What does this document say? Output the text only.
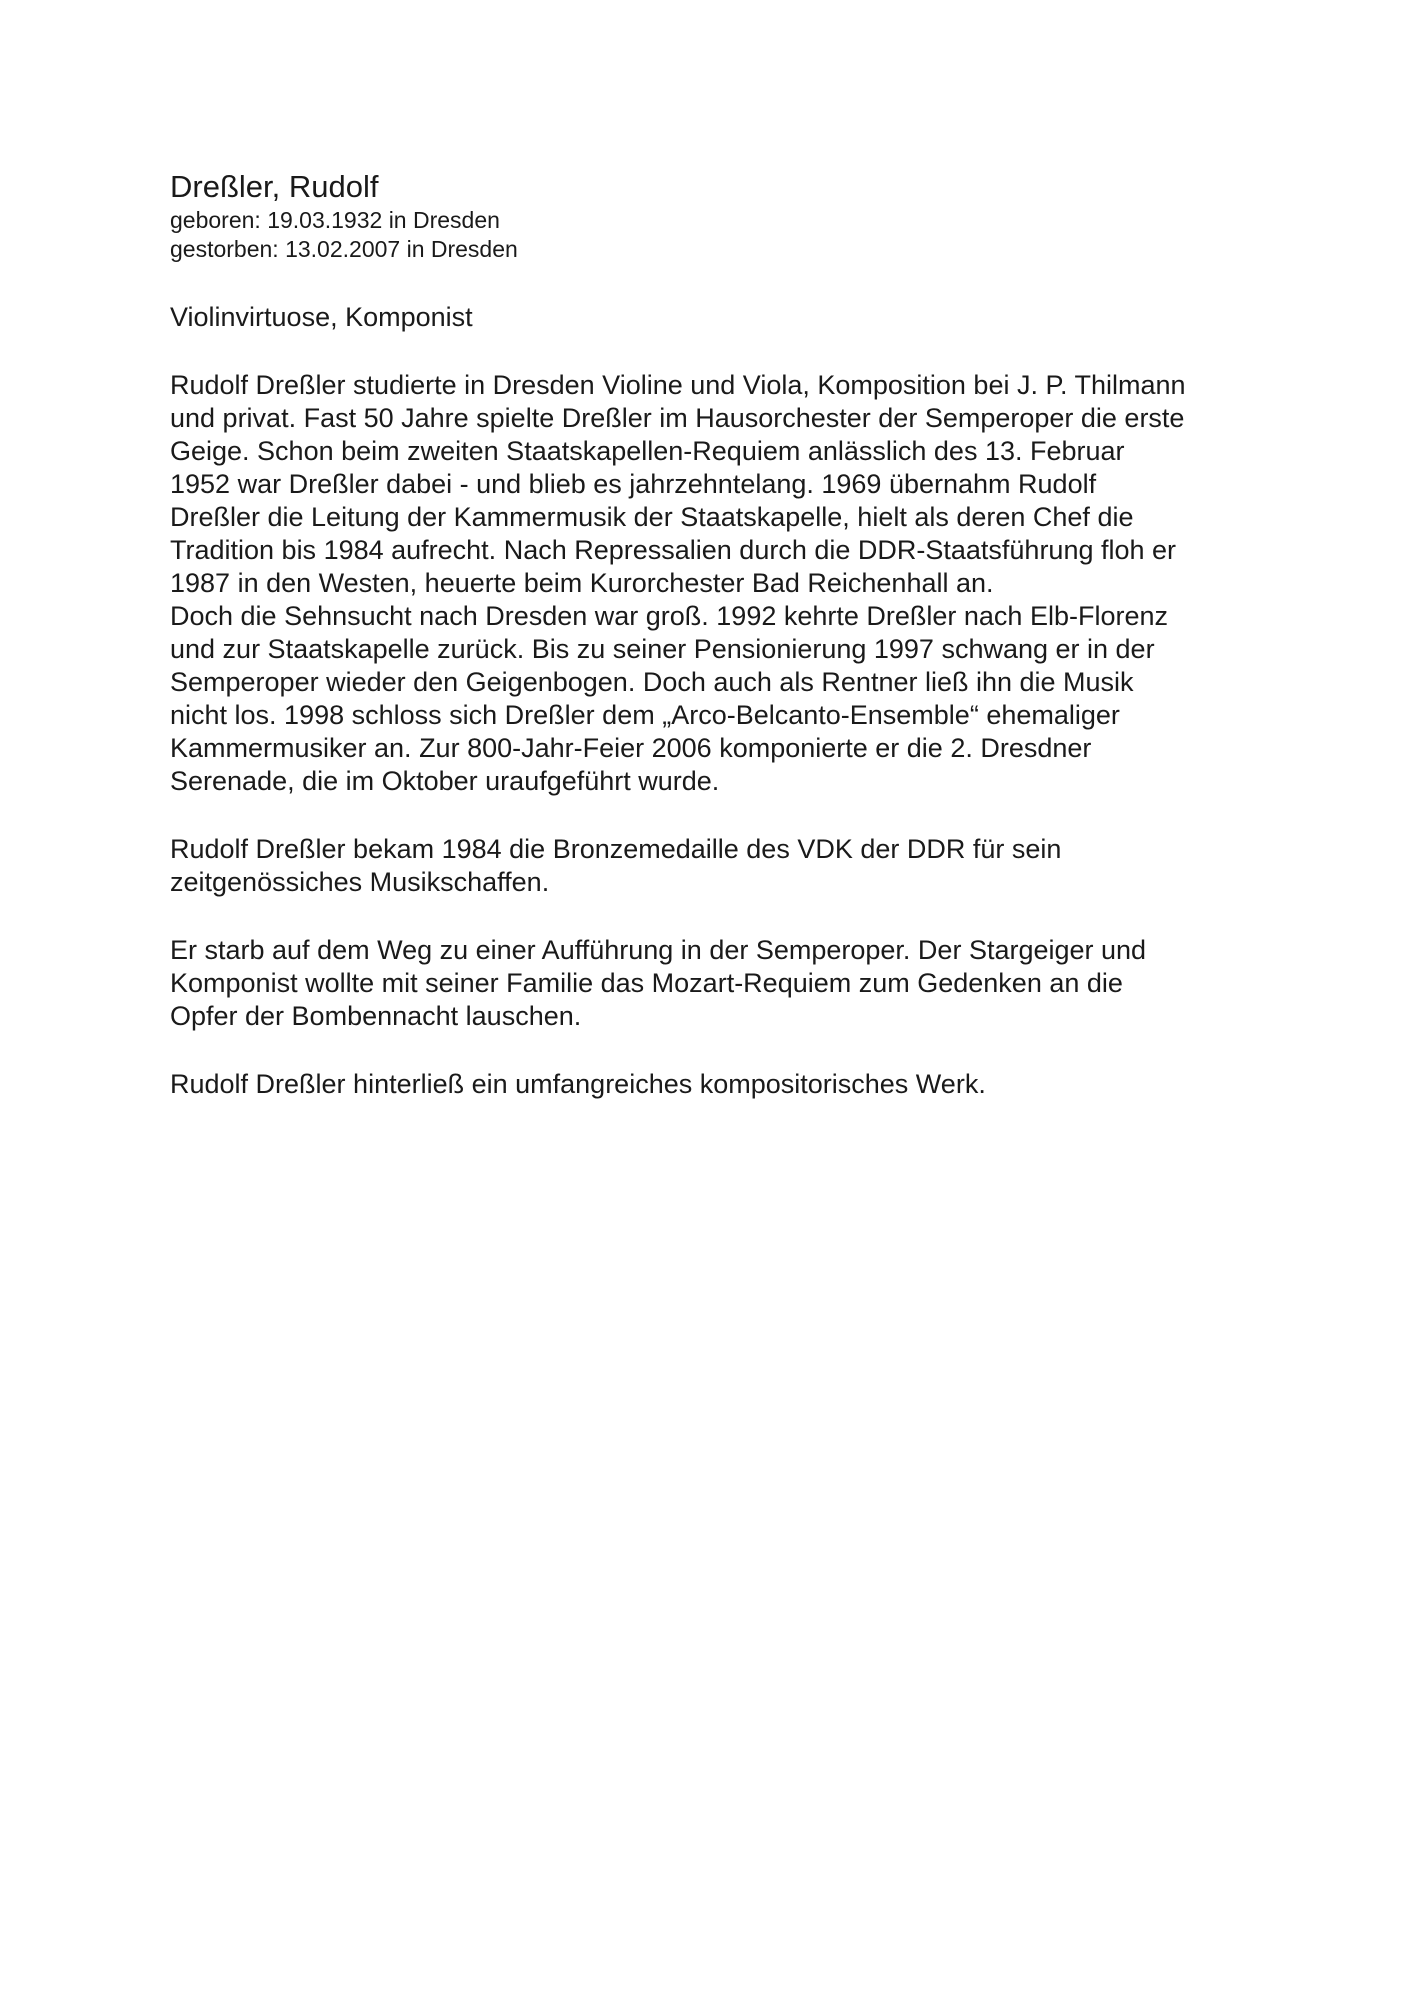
Dreßler, Rudolf

geboren: 19.03.1932 in Dresden

gestorben: 13.02.2007 in Dresden

Violinvirtuose, Komponist

Rudolf Dreßler studierte in Dresden Violine und Viola, Komposition bei J. P. Thilmann
und privat. Fast 50 Jahre spielte Dreßler im Hausorchester der Semperoper die erste
Geige. Schon beim zweiten Staatskapellen-Requiem anlässlich des 13. Februar
1952 war Dreßler dabei - und blieb es jahrzehntelang. 1969 übernahm Rudolf
Dreßler die Leitung der Kammermusik der Staatskapelle, hielt als deren Chef die
Tradition bis 1984 aufrecht. Nach Repressalien durch die DDR-Staatsführung floh er
1987 in den Westen, heuerte beim Kurorchester Bad Reichenhall an.
Doch die Sehnsucht nach Dresden war groß. 1992 kehrte Dreßler nach Elb-Florenz
und zur Staatskapelle zurück. Bis zu seiner Pensionierung 1997 schwang er in der
Semperoper wieder den Geigenbogen. Doch auch als Rentner ließ ihn die Musik
nicht los. 1998 schloss sich Dreßler dem „Arco-Belcanto-Ensemble“ ehemaliger
Kammermusiker an. Zur 800-Jahr-Feier 2006 komponierte er die 2. Dresdner
Serenade, die im Oktober uraufgeführt wurde.

Rudolf Dreßler bekam 1984 die Bronzemedaille des VDK der DDR für sein
zeitgenössiches Musikschaffen.

Er starb auf dem Weg zu einer Aufführung in der Semperoper. Der Stargeiger und
Komponist wollte mit seiner Familie das Mozart-Requiem zum Gedenken an die
Opfer der Bombennacht lauschen.

Rudolf Dreßler hinterließ ein umfangreiches kompositorisches Werk.
